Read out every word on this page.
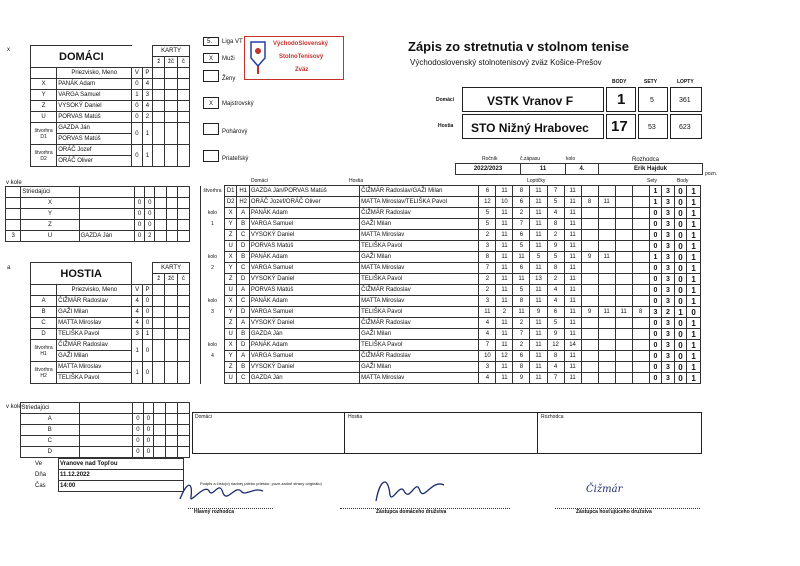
x
DOMÁCI				KARTY		
				ž	žč	č
	Priezvisko, Meno	V	P			
X	PANÁK Adam	0	4			
Y	VARGA Samuel	1	3			
Z	VYSOKÝ Daniel	0	4			
U	PORVAS Matúš	0	2			
štvorhra D1	GAZDA Ján	0	1			
	PORVAS Matúš					
štvorhra D2	ORÁČ Jozef	0	1			
	ORÁČ Oliver					
v kole
	Striedajúci						
	X		0	0			
	Y		0	0			
	Z		0	0			
3	U	GAZDA Ján	0	2			
a	HOSTIA				KARTY		
				ž	žč	č
	Priezvisko, Meno	V	P			
A	ČIŽMÁR Radoslav	4	0			
B	GAŽI Milan	4	0			
C	MATTA Miroslav	4	0			
D	TELIŠKA Pavol	3	1			
štvorhra H1	ČIŽMÁR Radoslav	1	0			
	GAŽI Milan					
štvorhra H2	MATTA Miroslav	1	0			
	TELIŠKA Pavol					
v kole
	Striedajúci						
	A		0	0			
	B		0	0			
	C		0	0			
	D		0	0			
5. Liga VT
X Muži
Ženy
X Majstrovský
Pohárový
Priateľský
VýchodoSlovenský
StolnoTenisový
Zväz
Zápis zo stretnutia v stolnom tenise
Východoslovenský stolnotenisový zväz Košice-Prešov
BODY	SETY	LOPTY
Domáci	VSTK Vranov F	1	5	361
Hostia STO Nižný Hrabovec 17	53	623
Ročník	č.zápasu	kolo	Rozhodca
2022/2023	11	4.	Erik Hajduk
pozn.
Domáci	Hostia	Loptičky	Sety	Body
štvorhra	D1	H1	GAZDA Ján/PORVAS Matúš	ČIŽMÁR Radoslav/GAŽI Milan	6	11	8	11	7	11					1	3	0	1
	D2	H2	ORÁČ Jozef/ORÁČ Oliver	MATTA Miroslav/TELIŠKA Pavol	12	10	6	11	5	11	8	11			1	3	0	1
kolo	X	A	PANÁK Adam	ČIŽMÁR Radoslav	5	11	2	11	4	11					0	3	0	1
1	Y	B	VARGA Samuel	GAŽI Milan	5	11	7	11	8	11					0	3	0	1
	Z	C	VYSOKÝ Daniel	MATTA Miroslav	2	11	6	11	2	11					0	3	0	1
	U	D	PORVAS Matúš	TELIŠKA Pavol	3	11	5	11	9	11					0	3	0	1
kolo	X	B	PANÁK Adam	GAŽI Milan	8	11	11	5	5	11	9	11			1	3	0	1
2	Y	C	VARGA Samuel	MATTA Miroslav	7	11	6	11	8	11					0	3	0	1
	Z	D	VYSOKÝ Daniel	TELIŠKA Pavol	2	11	11	13	2	11					0	3	0	1
	U	A	PORVAS Matúš	ČIŽMÁR Radoslav	2	11	5	11	4	11					0	3	0	1
kolo	X	C	PANÁK Adam	MATTA Miroslav	3	11	8	11	4	11					0	3	0	1
3	Y	D	VARGA Samuel	TELIŠKA Pavol	11	2	11	9	6	11	9	11	11	8	3	2	1	0
	Z	A	VYSOKÝ Daniel	ČIŽMÁR Radoslav	4	11	2	11	5	11					0	3	0	1
	U	B	GAZDA Ján	GAŽI Milan	4	11	7	11	9	11					0	3	0	1
kolo	X	D	PANÁK Adam	TELIŠKA Pavol	7	11	2	11	12	14					0	3	0	1
4	Y	A	VARGA Samuel	ČIŽMÁR Radoslav	10	12	6	11	8	11					0	3	0	1
	Z	B	VYSOKÝ Daniel	GAŽI Milan	3	11	8	11	4	11					0	3	0	1
	U	C	GAZDA Ján	MATTA Miroslav	4	11	9	11	7	11					0	3	0	1
Domáci	Hostia	Rozhodca
Ve	Vranove nad Topľou
Dňa	11.12.2022
Čas	14:00	Podpis a číslo(o) riadnej (alebo priestor, pozn.zadné strany originálu)
Čižmár
Hlavný rozhodca	Zástupca domáceho družstva	Zástupca hosťujúceho družstva
